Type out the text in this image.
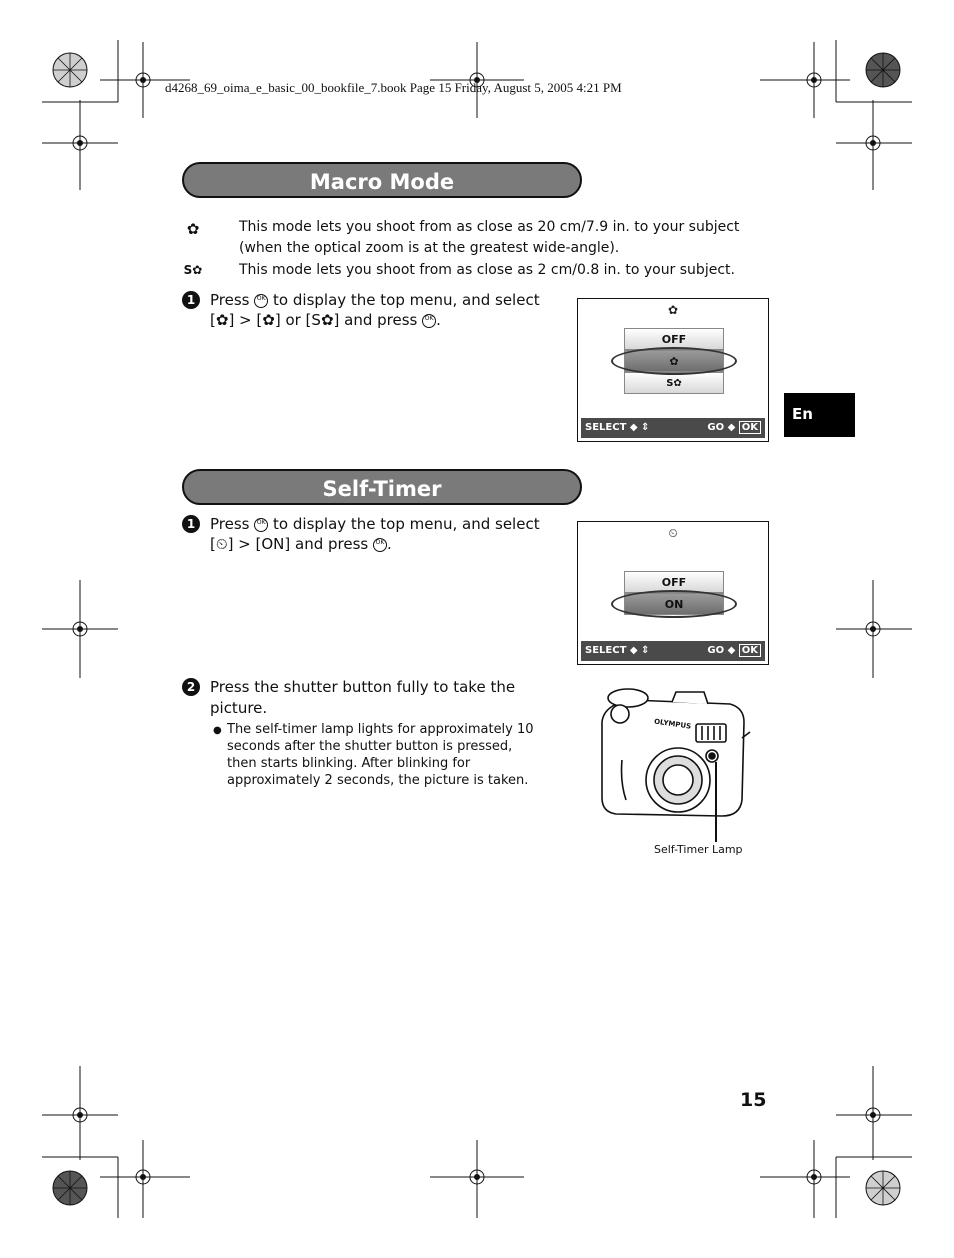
d4268_69_oima_e_basic_00_bookfile_7.book Page 15 Friday, August 5, 2005 4:21 PM
Macro Mode
✿	This mode lets you shoot from as close as 20 cm/7.9 in. to your subject (when the optical zoom is at the greatest wide-angle).
S✿	This mode lets you shoot from as close as 2 cm/0.8 in. to your subject.
1 Press OK to display the top menu, and select
[✿] > [✿] or [S✿] and press OK .
✿
OFF
✿
S✿
SELECT ◆ ⇕	GO ◆ OK
En
Self-Timer
1 Press OK to display the top menu, and select
[⏲] > [ON] and press OK .
⏲
OFF
ON
SELECT ◆ ⇕	GO ◆ OK
2 Press the shutter button fully to take the picture.
● The self-timer lamp lights for approximately 10 seconds after the shutter button is pressed, then starts blinking. After blinking for approximately 2 seconds, the picture is taken.
OLYMPUS
Self-Timer Lamp
15
